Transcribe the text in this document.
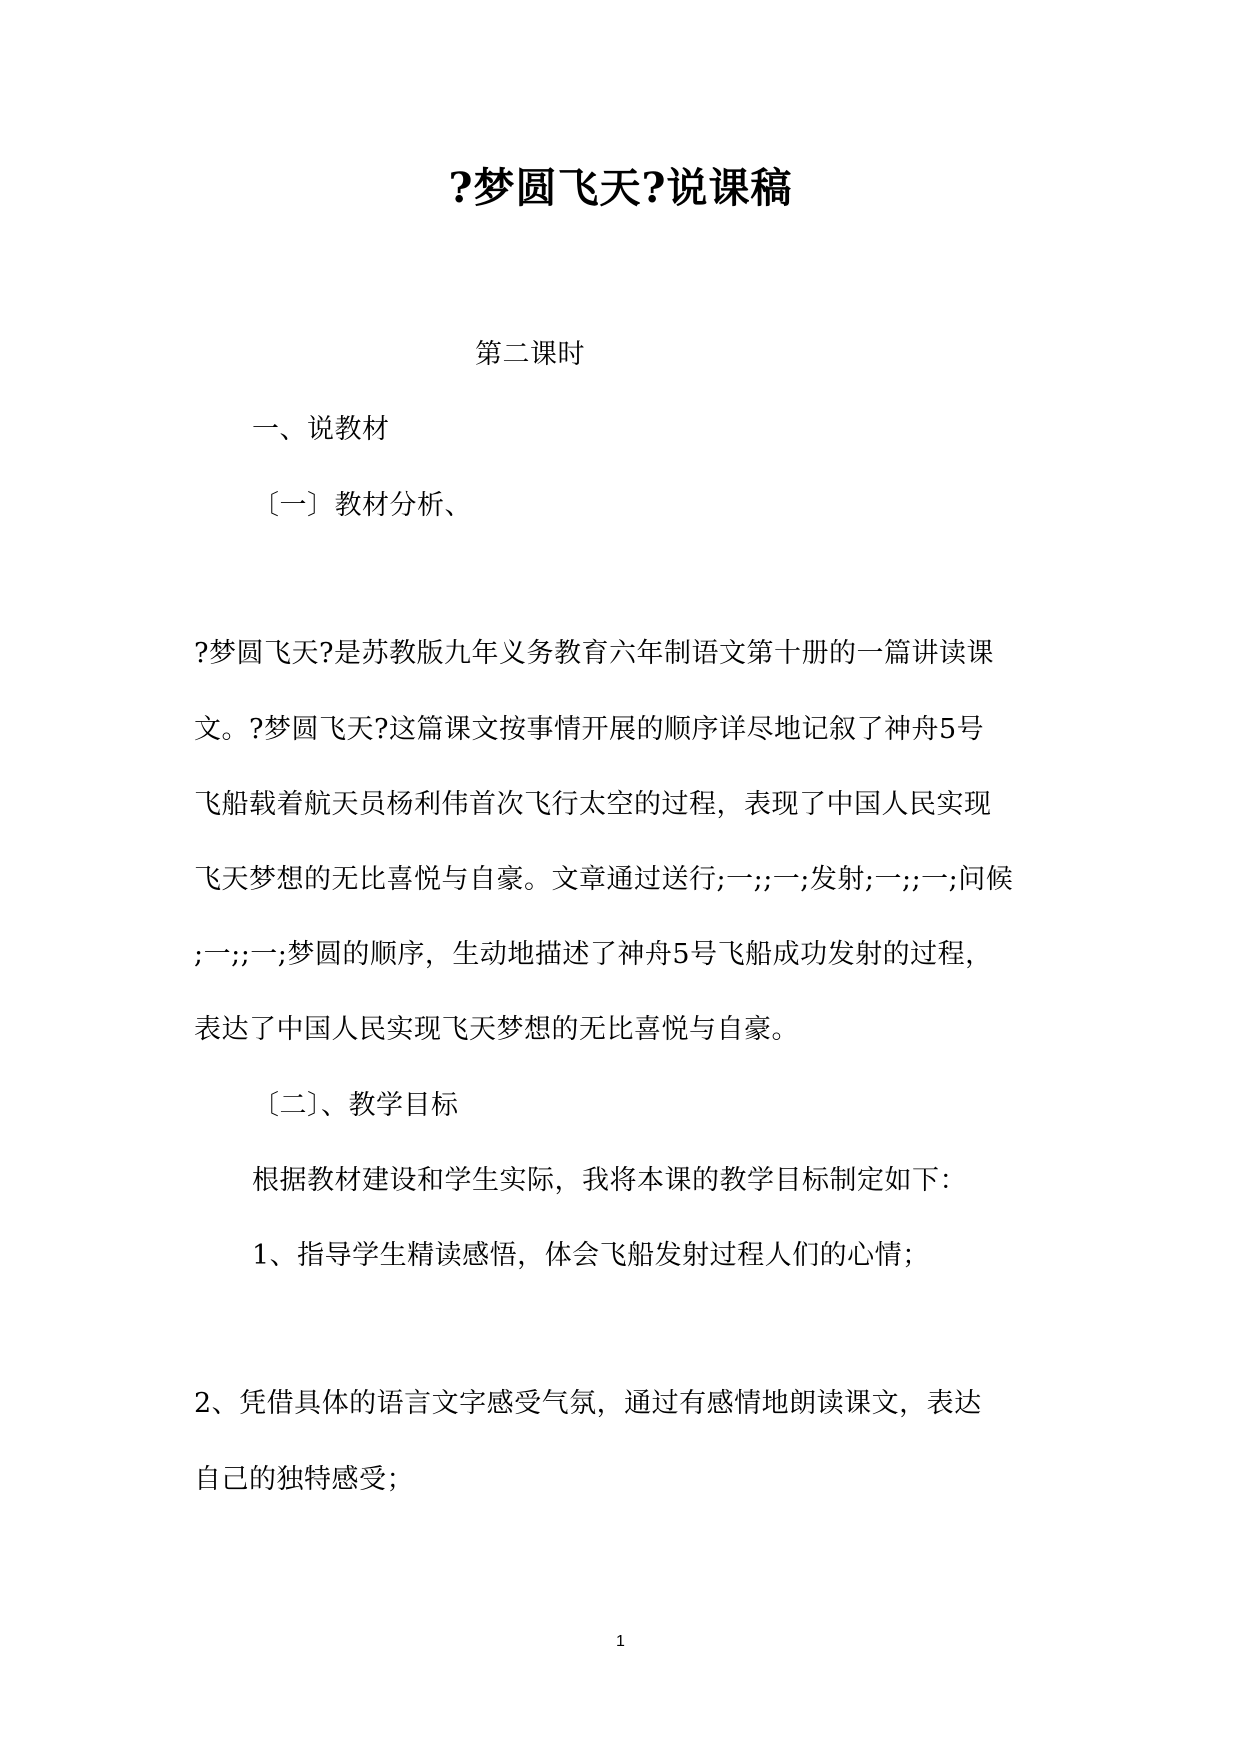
?梦圆飞天?说课稿
第二课时
一、说教材
〔一〕教材分析、
?梦圆飞天?是苏教版九年义务教育六年制语文第十册的一篇讲读课
文。?梦圆飞天?这篇课文按事情开展的顺序详尽地记叙了神舟5号
飞船载着航天员杨利伟首次飞行太空的过程，表现了中国人民实现
飞天梦想的无比喜悦与自豪。文章通过送行;一;;一;发射;一;;一;问候
;一;;一;梦圆的顺序，生动地描述了神舟5号飞船成功发射的过程，
表达了中国人民实现飞天梦想的无比喜悦与自豪。
〔二〕、教学目标
根据教材建设和学生实际，我将本课的教学目标制定如下：
1、指导学生精读感悟，体会飞船发射过程人们的心情；
2、凭借具体的语言文字感受气氛，通过有感情地朗读课文，表达
自己的独特感受；
1
